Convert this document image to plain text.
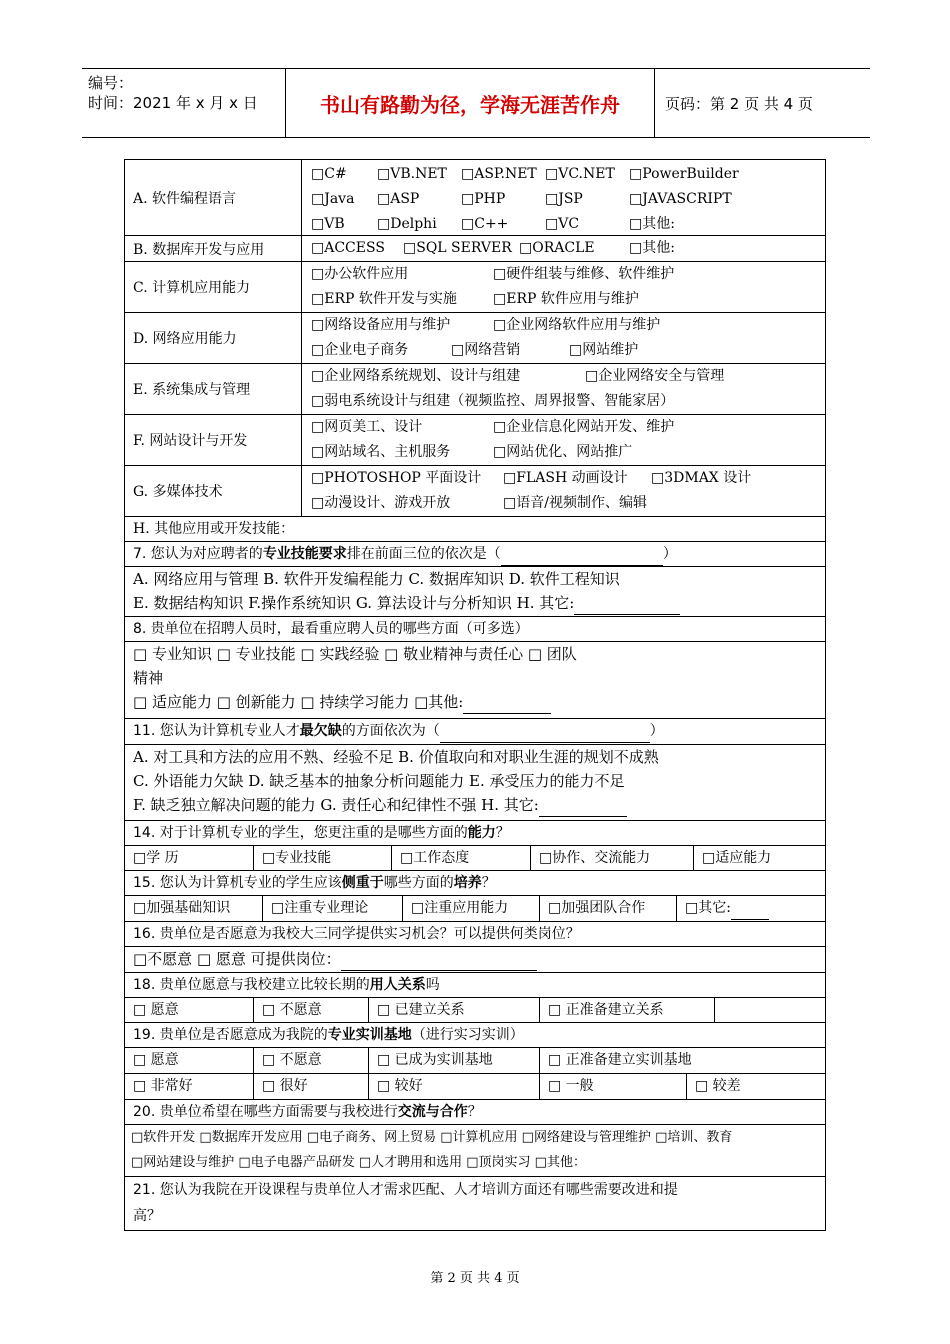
编号：
时间：2021 年 x 月 x 日	书山有路勤为径，学海无涯苦作舟	页码：第 2 页 共 4 页
A. 软件编程语言
□C# □VB.NET □ASP.NET □VC.NET □PowerBuilder
□Java □ASP	□PHP	□JSP	□JAVASCRIPT
□VB □Delphi □C++	□VC	□其他:
B. 数据库开发与应用	□ACCESS □SQL SERVER □ORACLE □其他:
C. 计算机应用能力
□办公软件应用	□硬件组装与维修、软件维护
□ERP 软件开发与实施	□ERP 软件应用与维护
D. 网络应用能力
□网络设备应用与维护	□企业网络软件应用与维护
□企业电子商务	□网络营销	□网站维护
E. 系统集成与管理
□企业网络系统规划、设计与组建	□企业网络安全与管理
□弱电系统设计与组建（视频监控、周界报警、智能家居）
F. 网站设计与开发
□网页美工、设计	□企业信息化网站开发、维护
□网站域名、主机服务	□网站优化、网站推广
G. 多媒体技术
□PHOTOSHOP 平面设计 □FLASH 动画设计 □3DMAX 设计
□动漫设计、游戏开放	□语音/视频制作、编辑
H. 其他应用或开发技能：
7. 您认为对应聘者的专业技能要求排在前面三位的依次是（	）
A. 网络应用与管理 B. 软件开发编程能力 C. 数据库知识 D. 软件工程知识
E. 数据结构知识 F.操作系统知识 G. 算法设计与分析知识 H. 其它:
8. 贵单位在招聘人员时，最看重应聘人员的哪些方面（可多选）
□ 专业知识 □ 专业技能 □ 实践经验 □ 敬业精神与责任心 □ 团队
精神
□ 适应能力 □ 创新能力 □ 持续学习能力 □其他:
11. 您认为计算机专业人才最欠缺的方面依次为（	）
A. 对工具和方法的应用不熟、经验不足 B. 价值取向和对职业生涯的规划不成熟
C. 外语能力欠缺 D. 缺乏基本的抽象分析问题能力 E. 承受压力的能力不足
F. 缺乏独立解决问题的能力 G. 责任心和纪律性不强 H. 其它:
14. 对于计算机专业的学生，您更注重的是哪些方面的能力？
□学 历	□专业技能	□工作态度	□协作、交流能力	□适应能力
15. 您认为计算机专业的学生应该侧重于哪些方面的培养？
□加强基础知识	□注重专业理论	□注重应用能力	□加强团队合作	□其它:
16. 贵单位是否愿意为我校大三同学提供实习机会？可以提供何类岗位？
□不愿意 □ 愿意 可提供岗位：
18. 贵单位愿意与我校建立比较长期的用人关系吗
□ 愿意	□ 不愿意	□ 已建立关系	□ 正准备建立关系
19. 贵单位是否愿意成为我院的专业实训基地（进行实习实训）
□ 愿意	□ 不愿意	□ 已成为实训基地	□ 正准备建立实训基地
□ 非常好	□ 很好	□ 较好	□ 一般	□ 较差
20. 贵单位希望在哪些方面需要与我校进行交流与合作？
□软件开发 □数据库开发应用 □电子商务、网上贸易 □计算机应用 □网络建设与管理维护 □培训、教育
□网站建设与维护 □电子电器产品研发 □人才聘用和选用 □顶岗实习 □其他：
21. 您认为我院在开设课程与贵单位人才需求匹配、人才培训方面还有哪些需要改进和提
高？
第 2 页 共 4 页
